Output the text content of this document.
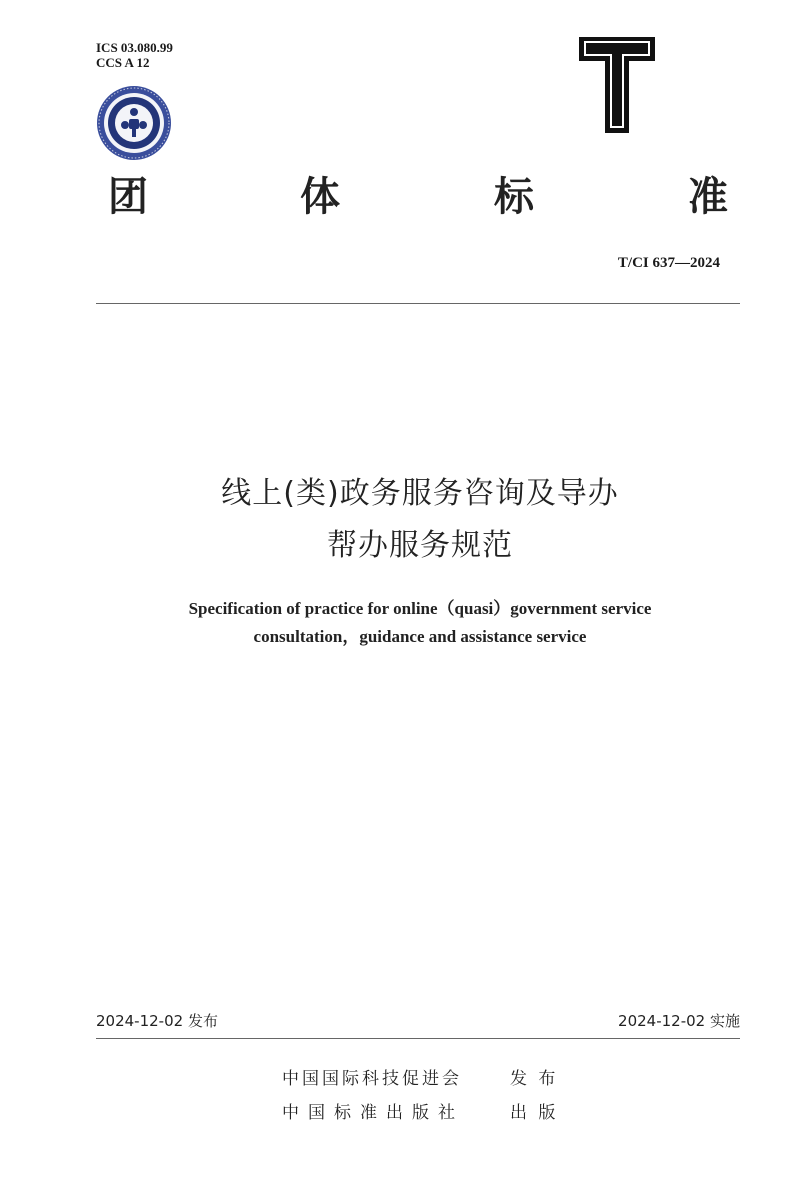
ICS 03.080.99
CCS A 12
团	体	标	准
T/CI 637—2024
线上(类)政务服务咨询及导办
帮办服务规范
Specification of practice for online（quasi）government service
consultation，guidance and assistance service
2024-12-02 发布	2024-12-02 实施
中国国际科技促进会	发 布
中国标准出版社	出 版
